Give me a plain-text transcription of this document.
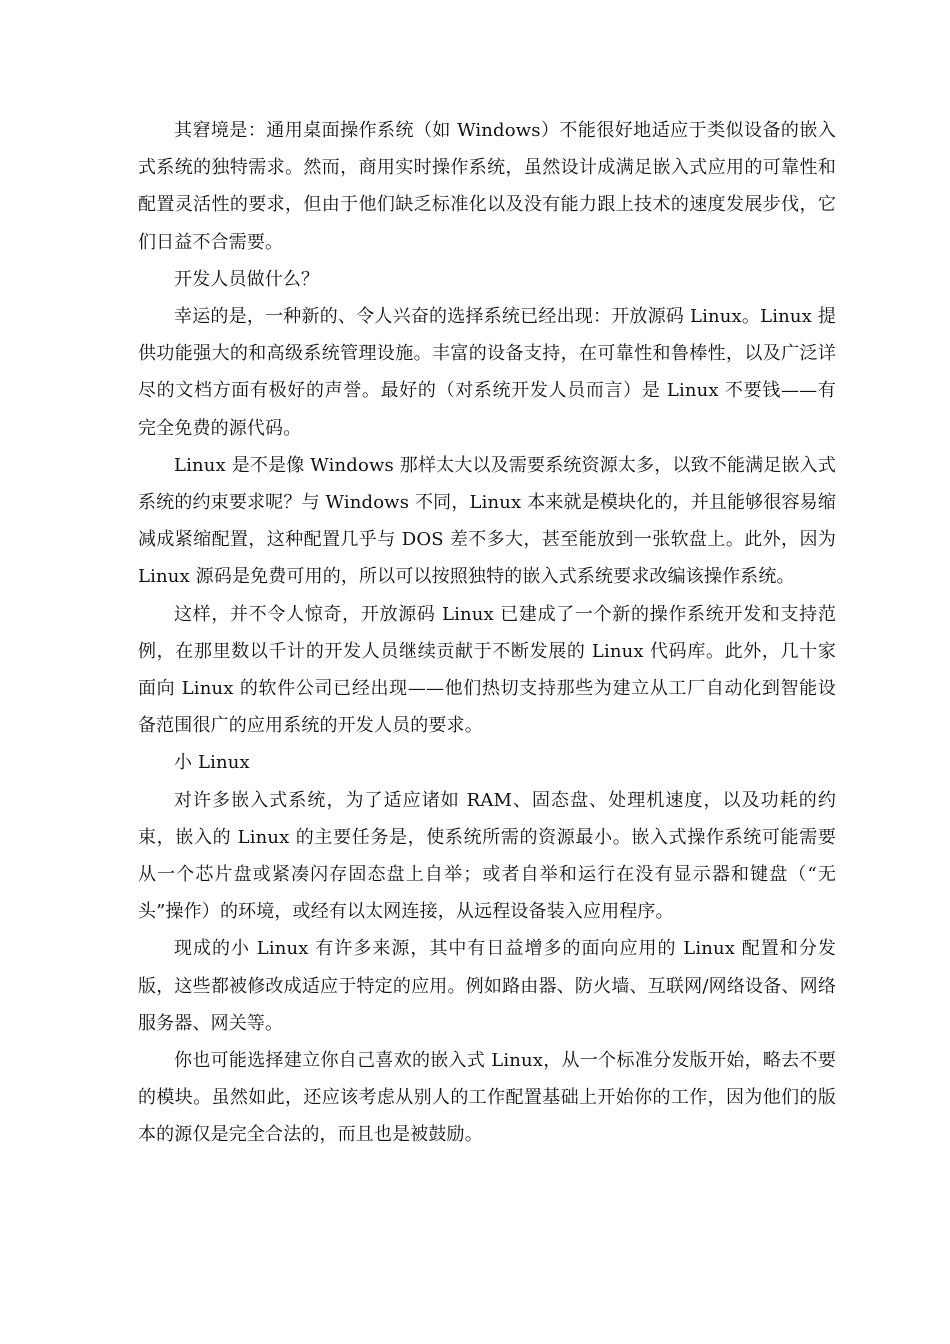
其窘境是：通用桌面操作系统（如 Windows）不能很好地适应于类似设备的嵌入式系统的独特需求。然而，商用实时操作系统，虽然设计成满足嵌入式应用的可靠性和配置灵活性的要求，但由于他们缺乏标准化以及没有能力跟上技术的速度发展步伐，它们日益不合需要。

开发人员做什么？

幸运的是，一种新的、令人兴奋的选择系统已经出现：开放源码 Linux。Linux 提供功能强大的和高级系统管理设施。丰富的设备支持，在可靠性和鲁棒性，以及广泛详尽的文档方面有极好的声誉。最好的（对系统开发人员而言）是 Linux 不要钱——有完全免费的源代码。

Linux 是不是像 Windows 那样太大以及需要系统资源太多，以致不能满足嵌入式系统的约束要求呢？与 Windows 不同，Linux 本来就是模块化的，并且能够很容易缩减成紧缩配置，这种配置几乎与 DOS 差不多大，甚至能放到一张软盘上。此外，因为 Linux 源码是免费可用的，所以可以按照独特的嵌入式系统要求改编该操作系统。

这样，并不令人惊奇，开放源码 Linux 已建成了一个新的操作系统开发和支持范例，在那里数以千计的开发人员继续贡献于不断发展的 Linux 代码库。此外，几十家面向 Linux 的软件公司已经出现——他们热切支持那些为建立从工厂自动化到智能设备范围很广的应用系统的开发人员的要求。

小 Linux

对许多嵌入式系统，为了适应诸如 RAM、固态盘、处理机速度，以及功耗的约束，嵌入的 Linux 的主要任务是，使系统所需的资源最小。嵌入式操作系统可能需要从一个芯片盘或紧凑闪存固态盘上自举；或者自举和运行在没有显示器和键盘（“无头”操作）的环境，或经有以太网连接，从远程设备装入应用程序。

现成的小 Linux 有许多来源，其中有日益增多的面向应用的 Linux 配置和分发版，这些都被修改成适应于特定的应用。例如路由器、防火墙、互联网/网络设备、网络服务器、网关等。

你也可能选择建立你自己喜欢的嵌入式 Linux，从一个标准分发版开始，略去不要的模块。虽然如此，还应该考虑从别人的工作配置基础上开始你的工作，因为他们的版本的源仅是完全合法的，而且也是被鼓励。
